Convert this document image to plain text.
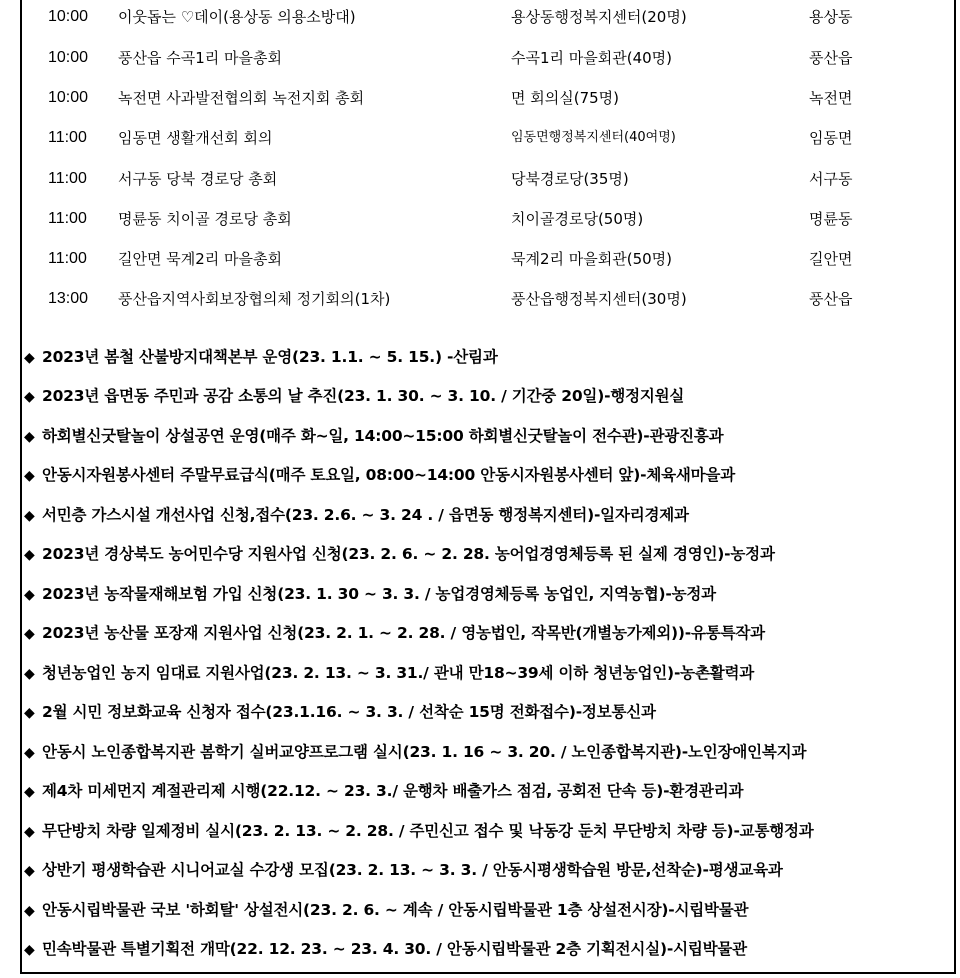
10:00 이웃돕는 ♡데이(용상동 의용소방대)	용상동행정복지센터(20명)	용상동
10:00 풍산읍 수곡1리 마을총회	수곡1리 마을회관(40명)	풍산읍
10:00 녹전면 사과발전협의회 녹전지회 총회	면 회의실(75명)	녹전면
11:00 임동면 생활개선회 회의	임동면행정복지센터(40여명)	임동면
11:00 서구동 당북 경로당 총회	당북경로당(35명)	서구동
11:00 명륜동 치이골 경로당 총회	치이골경로당(50명)	명륜동
11:00 길안면 묵계2리 마을총회	묵계2리 마을회관(50명)	길안면
13:00 풍산읍지역사회보장협의체 정기회의(1차)	풍산읍행정복지센터(30명)	풍산읍
◆ 2023년 봄철 산불방지대책본부 운영(23. 1.1. ~ 5. 15.) -산림과
◆ 2023년 읍면동 주민과 공감 소통의 날 추진(23. 1. 30. ~ 3. 10. / 기간중 20일)-행정지원실
◆ 하회별신굿탈놀이 상설공연 운영(매주 화~일, 14:00~15:00 하회별신굿탈놀이 전수관)-관광진흥과
◆ 안동시자원봉사센터 주말무료급식(매주 토요일, 08:00~14:00 안동시자원봉사센터 앞)-체육새마을과
◆ 서민층 가스시설 개선사업 신청,접수(23. 2.6. ~ 3. 24 . / 읍면동 행정복지센터)-일자리경제과
◆ 2023년 경상북도 농어민수당 지원사업 신청(23. 2. 6. ~ 2. 28. 농어업경영체등록 된 실제 경영인)-농정과
◆ 2023년 농작물재해보험 가입 신청(23. 1. 30 ~ 3. 3. / 농업경영체등록 농업인, 지역농협)-농정과
◆ 2023년 농산물 포장재 지원사업 신청(23. 2. 1. ~ 2. 28. / 영농법인, 작목반(개별농가제외))-유통특작과
◆ 청년농업인 농지 임대료 지원사업(23. 2. 13. ~ 3. 31./ 관내 만18~39세 이하 청년농업인)-농촌활력과
◆ 2월 시민 정보화교육 신청자 접수(23.1.16. ~ 3. 3. / 선착순 15명 전화접수)-정보통신과
◆ 안동시 노인종합복지관 봄학기 실버교양프로그램 실시(23. 1. 16 ~ 3. 20. / 노인종합복지관)-노인장애인복지과
◆ 제4차 미세먼지 계절관리제 시행(22.12. ~ 23. 3./ 운행차 배출가스 점검, 공회전 단속 등)-환경관리과
◆ 무단방치 차량 일제정비 실시(23. 2. 13. ~ 2. 28. / 주민신고 접수 및 낙동강 둔치 무단방치 차량 등)-교통행정과
◆ 상반기 평생학습관 시니어교실 수강생 모집(23. 2. 13. ~ 3. 3. / 안동시평생학습원 방문,선착순)-평생교육과
◆ 안동시립박물관 국보 '하회탈' 상설전시(23. 2. 6. ~ 계속 / 안동시립박물관 1층 상설전시장)-시립박물관
◆ 민속박물관 특별기획전 개막(22. 12. 23. ~ 23. 4. 30. / 안동시립박물관 2층 기획전시실)-시립박물관
